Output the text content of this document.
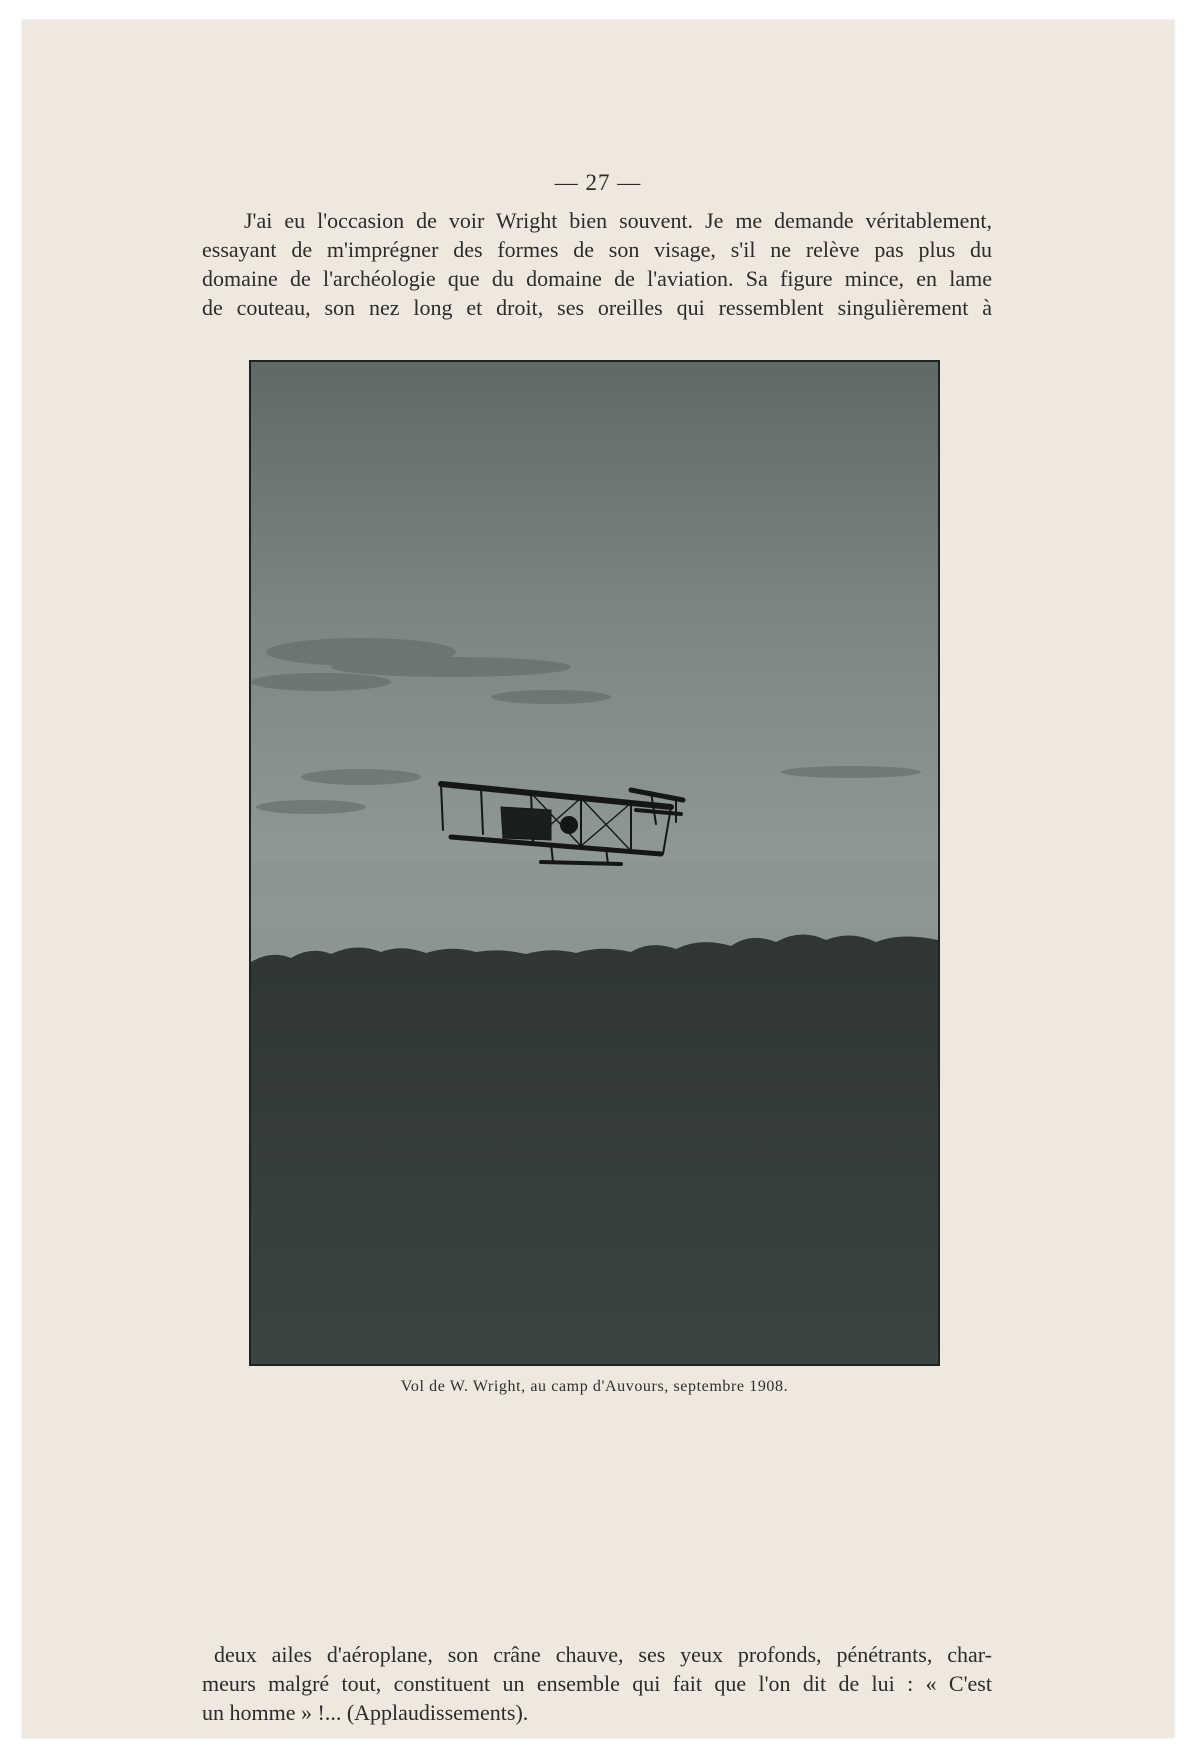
— 27 —
J'ai eu l'occasion de voir Wright bien souvent. Je me demande véritablement,
essayant de m'imprégner des formes de son visage, s'il ne relève pas plus du
domaine de l'archéologie que du domaine de l'aviation. Sa figure mince, en lame
de couteau, son nez long et droit, ses oreilles qui ressemblent singulièrement à
Vol de W. Wright, au camp d'Auvours, septembre 1908.
deux ailes d'aéroplane, son crâne chauve, ses yeux profonds, pénétrants, char-
meurs malgré tout, constituent un ensemble qui fait que l'on dit de lui : « C'est
un homme » !... (Applaudissements).
